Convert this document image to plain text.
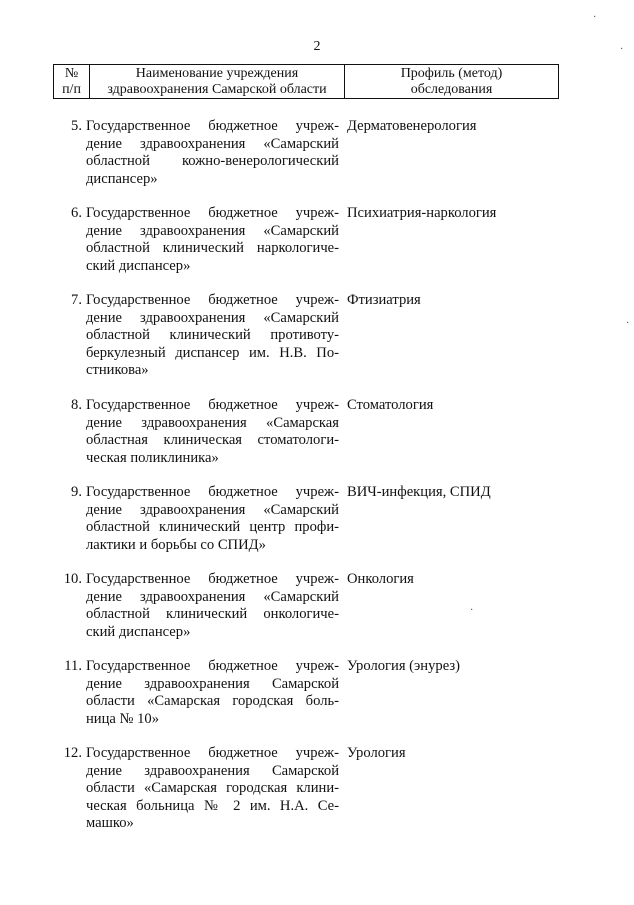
2
№
п/п
Наименование учреждения
здравоохранения Самарской области
Профиль (метод)
обследования
5. Государственное бюджетное учреж-дение здравоохранения «Самарский областной кожно-венерологический диспансер»
Дерматовенерология
6. Государственное бюджетное учреж-дение здравоохранения «Самарский областной клинический наркологиче-ский диспансер»
Психиатрия-наркология
7. Государственное бюджетное учреж-дение здравоохранения «Самарский областной клинический противоту-беркулезный диспансер им. Н.В. По-стникова»
Фтизиатрия
8. Государственное бюджетное учреж-дение здравоохранения «Самарская областная клиническая стоматологи-ческая поликлиника»
Стоматология
9. Государственное бюджетное учреж-дение здравоохранения «Самарский областной клинический центр профи-лактики и борьбы со СПИД»
ВИЧ-инфекция, СПИД
10. Государственное бюджетное учреж-дение здравоохранения «Самарский областной клинический онкологиче-ский диспансер»
Онкология
11. Государственное бюджетное учреж-дение здравоохранения Самарской области «Самарская городская боль-ница № 10»
Урология (энурез)
12. Государственное бюджетное учреж-дение здравоохранения Самарской области «Самарская городская клини-ческая больница № 2 им. Н.А. Се-машко»
Урология
·
·
·
·
